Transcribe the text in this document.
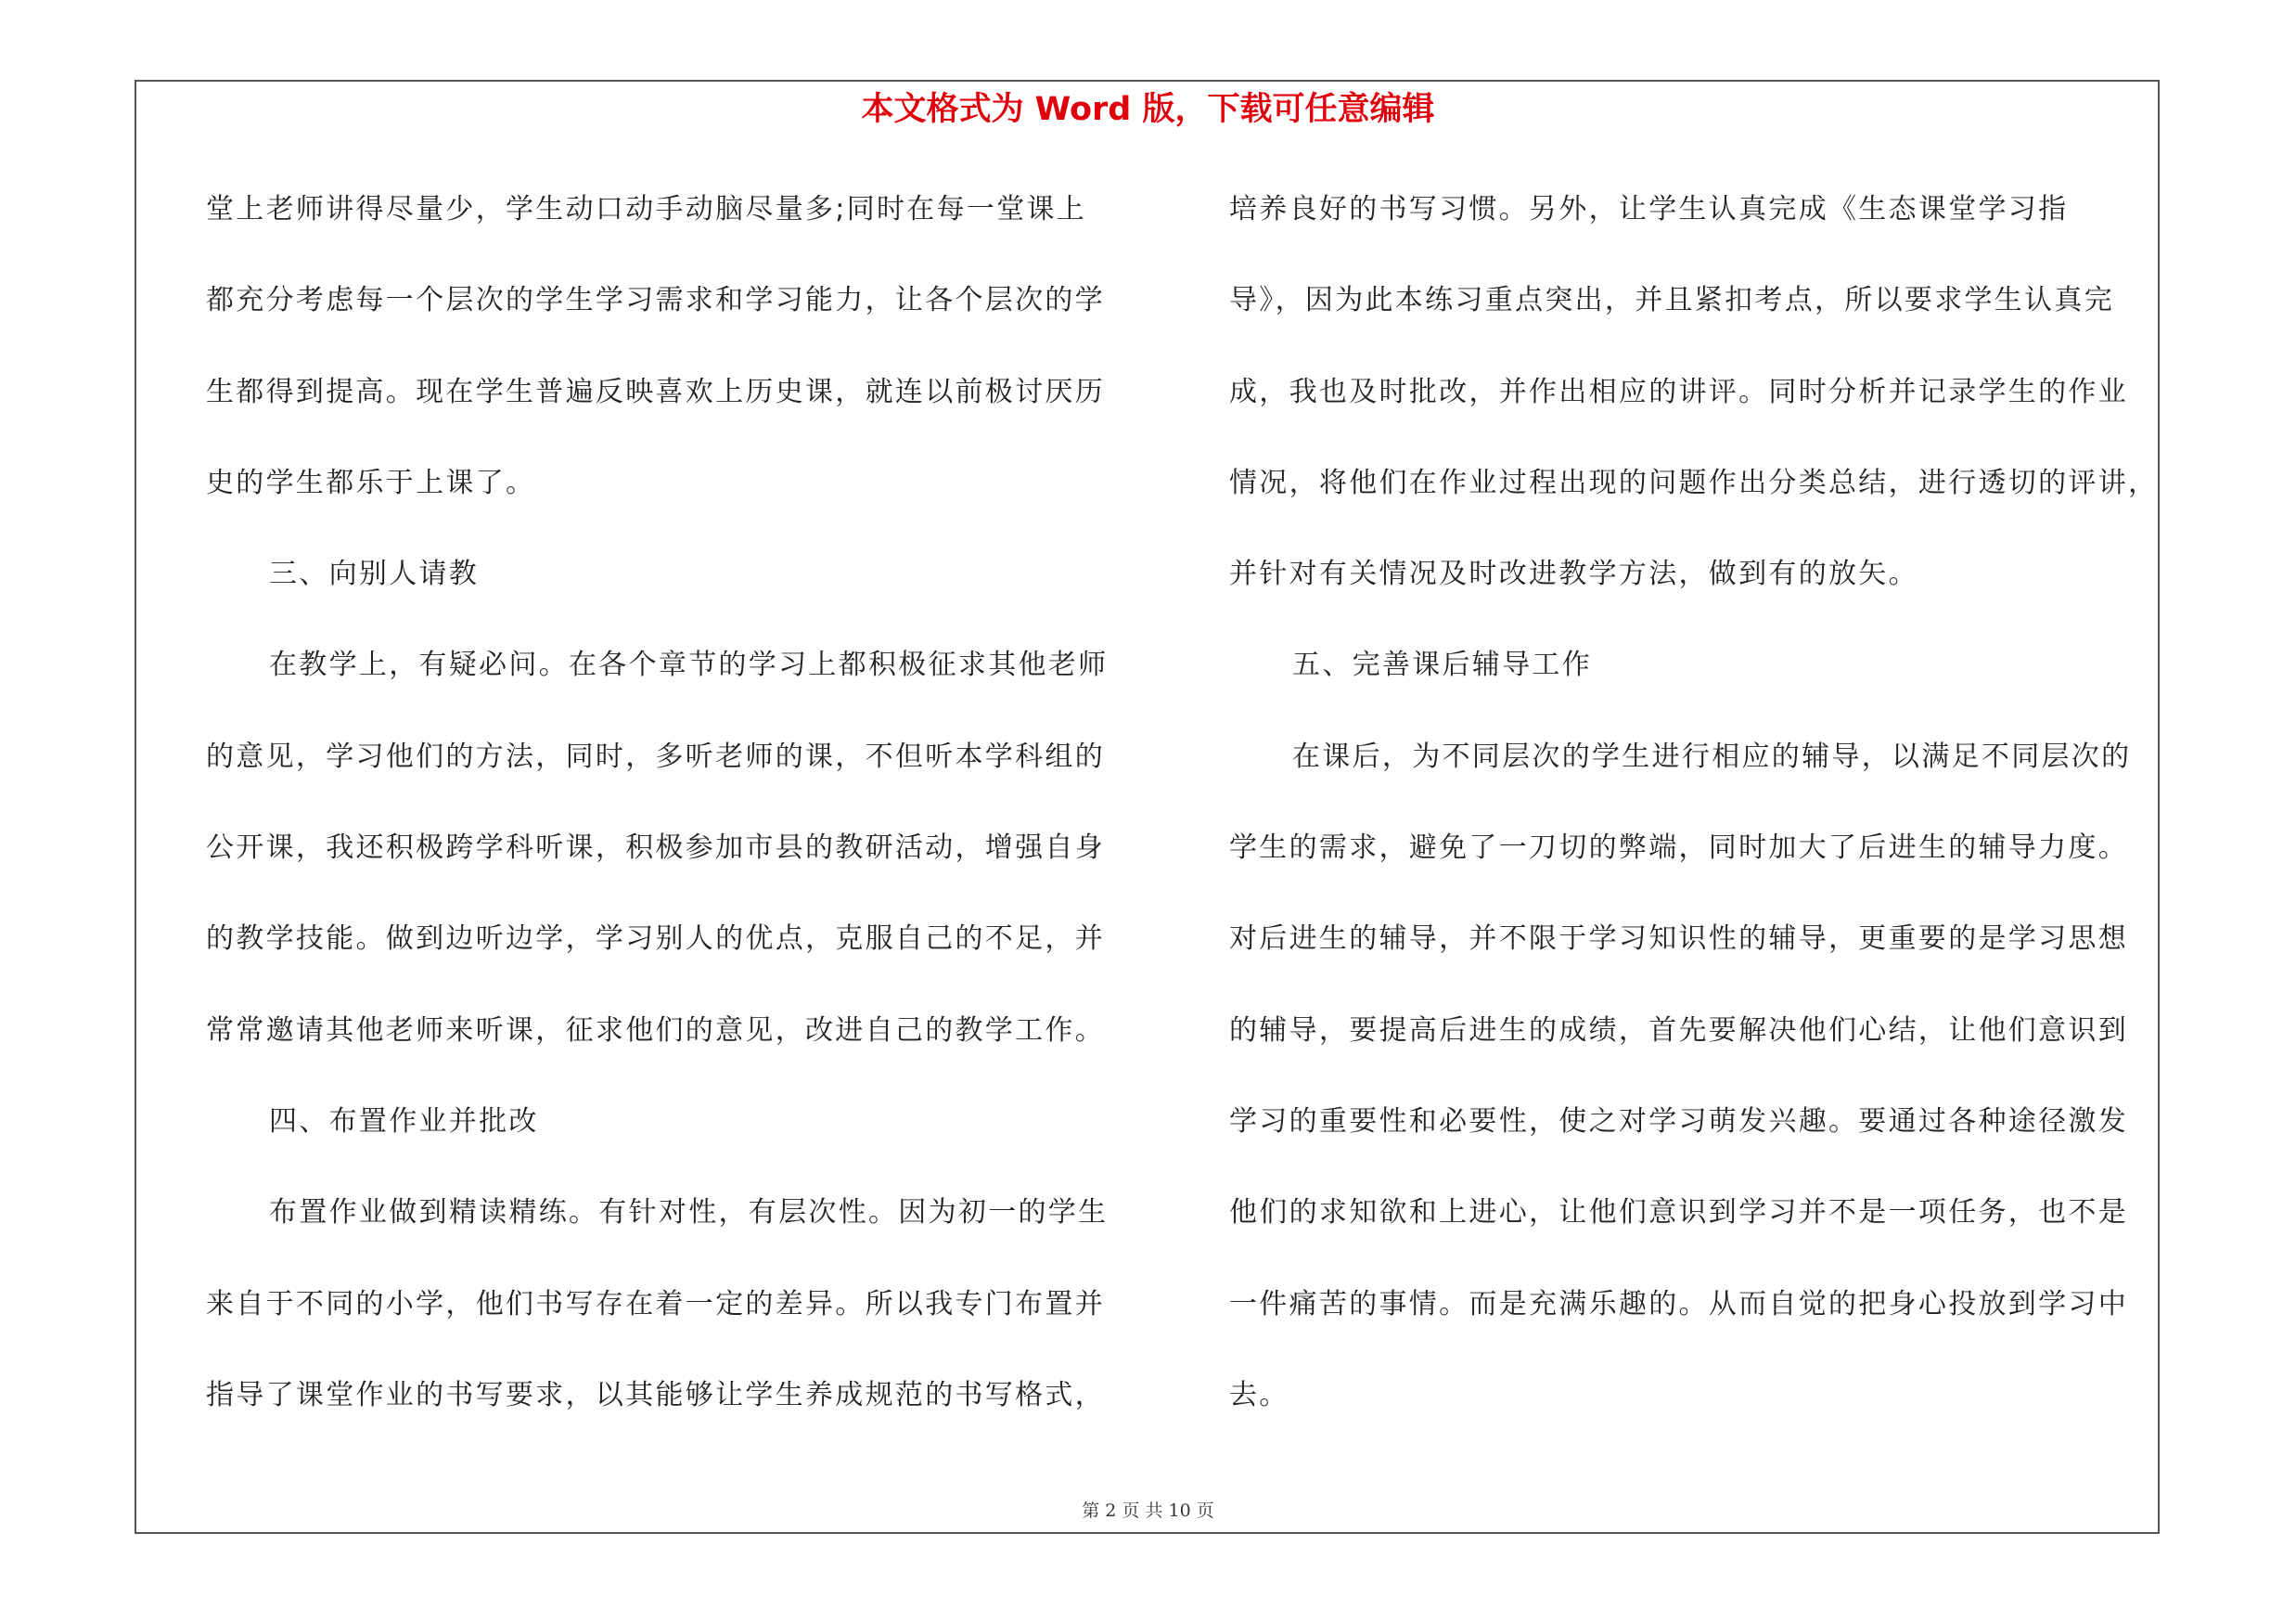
本文格式为 Word 版，下载可任意编辑
堂上老师讲得尽量少，学生动口动手动脑尽量多;同时在每一堂课上
都充分考虑每一个层次的学生学习需求和学习能力，让各个层次的学
生都得到提高。现在学生普遍反映喜欢上历史课，就连以前极讨厌历
史的学生都乐于上课了。
三、向别人请教
在教学上，有疑必问。在各个章节的学习上都积极征求其他老师
的意见，学习他们的方法，同时，多听老师的课，不但听本学科组的
公开课，我还积极跨学科听课，积极参加市县的教研活动，增强自身
的教学技能。做到边听边学，学习别人的优点，克服自己的不足，并
常常邀请其他老师来听课，征求他们的意见，改进自己的教学工作。
四、布置作业并批改
布置作业做到精读精练。有针对性，有层次性。因为初一的学生
来自于不同的小学，他们书写存在着一定的差异。所以我专门布置并
指导了课堂作业的书写要求，以其能够让学生养成规范的书写格式，
培养良好的书写习惯。另外，让学生认真完成《生态课堂学习指
导》，因为此本练习重点突出，并且紧扣考点，所以要求学生认真完
成，我也及时批改，并作出相应的讲评。同时分析并记录学生的作业
情况，将他们在作业过程出现的问题作出分类总结，进行透切的评讲，
并针对有关情况及时改进教学方法，做到有的放矢。
五、完善课后辅导工作
在课后，为不同层次的学生进行相应的辅导，以满足不同层次的
学生的需求，避免了一刀切的弊端，同时加大了后进生的辅导力度。
对后进生的辅导，并不限于学习知识性的辅导，更重要的是学习思想
的辅导，要提高后进生的成绩，首先要解决他们心结，让他们意识到
学习的重要性和必要性，使之对学习萌发兴趣。要通过各种途径激发
他们的求知欲和上进心，让他们意识到学习并不是一项任务，也不是
一件痛苦的事情。而是充满乐趣的。从而自觉的把身心投放到学习中
去。
第 2 页 共 10 页
